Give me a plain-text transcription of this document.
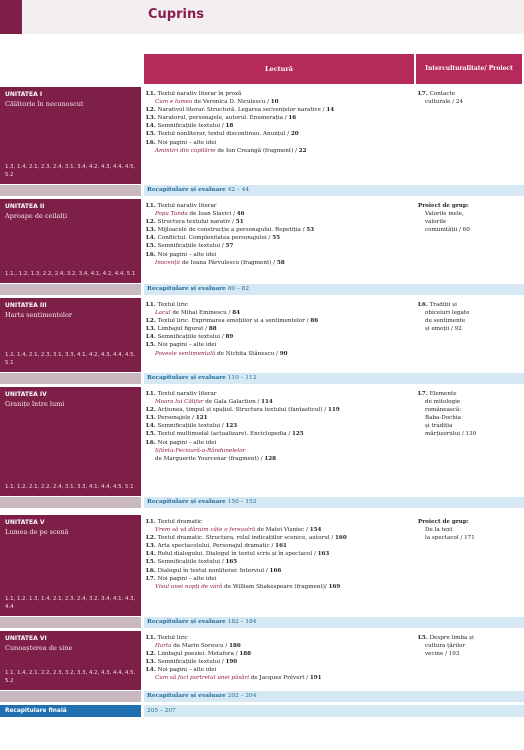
Cuprins
Lectură	Interculturalitate/ Proiect
UNITATEA I
Călătorie în necunoscut
1.3, 1.4, 2.1, 2.3, 2.4, 3.1, 3.4, 4.2, 4.3, 4.4, 4.5, 5.2
L1. Textul narativ literar în proză
Cum e lumea de Veronica D. Niculescu / 10
L2. Narativul literar. Structură. Legarea secvențelor narative / 14
L3. Naratorul, personajele, autorul. Enumerația / 16
L4. Semnificațiile textului / 18
L5. Textul nonliterar, textul discontinuu. Anunțul / 20
L6. Noi pagini – alte idei
Amintiri din copilărie de Ion Creangă (fragment) / 22
L7. Contacte
culturale / 24
Recapitulare și evaluare 42 – 44
UNITATEA II
Aproape de ceilalți
1.1., 1.2, 1.3, 2.2, 2.4, 3.2, 3.4, 4.1, 4.2, 4.4, 5.1
L1. Textul narativ literar
Popa Tanda de Ioan Slavici / 46
L2. Structura textului narativ / 51
L3. Mijloacele de construcție a personajului. Repetiția / 53
L4. Conflictul. Complexitatea personajului / 55
L5. Semnificațiile textului / 57
L6. Noi pagini – alte idei
Inocenții de Ioana Pârvulescu (fragment) / 58
Proiect de grup:
Valorile mele,
valorile
comunității / 60
Recapitulare și evaluare 80 – 82
UNITATEA III
Harta sentimentelor
1.2, 1.4, 2.1, 2.3, 3.1, 3.3, 4.1, 4.2, 4.3, 4.4, 4.5, 5.1
L1. Textul liric
Lacul de Mihai Eminescu / 84
L2. Textul liric. Exprimarea emoțiilor și a sentimentelor / 86
L3. Limbajul figurat / 88
L4. Semnificațiile textului / 89
L5. Noi pagini – alte idei
Poveste sentimentală de Nichita Stănescu / 90
L6. Tradiții și
obiceiuri legate
de sentimente
și emoții / 92
Recapitulare și evaluare 110 – 112
UNITATEA IV
Granițe între lumi
1.1, 1.2, 2.1, 2.2, 2.4, 3.1, 3.3, 4.1, 4.4, 4.5, 5.1
L1. Textul narativ literar
Moara lui Călifar de Gala Galaction / 114
L2. Acțiunea, timpul și spațiul. Structura textului (fantasticul) / 119
L3. Personajele / 121
L4. Semnificațiile textului / 123
L5. Textul multimodal (actualizare). Enciclopedia / 125
L6. Noi pagini – alte idei
Sfânta-Fecioară-a-Rândunelelor
de Marguerite Yourcenar (fragment) / 128
L7. Elemente
de mitologie
românească:
Baba-Dochia
și tradiția
mărțișorului / 130
Recapitulare și evaluare 150 – 152
UNITATEA V
Lumea de pe scenă
1.1, 1.2, 1.3, 1.4, 2.1, 2.3, 2.4, 3.2, 3.4, 4.1, 4.3, 4.4
L1. Textul dramatic
Vrem să vă dăruim câte o fereastră de Matei Vișniec / 154
L2. Textul dramatic. Structura, rolul indicațiilor scenice, autorul / 160
L3. Arta spectacolului. Personajul dramatic / 161
L4. Rolul dialogului. Dialogul în textul scris și în spectacol / 163
L5. Semnificațiile textului / 165
L6. Dialogul în textul nonliterar. Interviul / 166
L7. Noi pagini – alte idei
Visul unei nopți de vară de William Shakespeare (fragment)/ 169
Proiect de grup:
De la text
la spectacol / 171
Recapitulare și evaluare 182 – 184
UNITATEA VI
Cunoașterea de sine
1.1, 1.4, 2.1, 2.2, 2.3, 3.2, 3.3, 4.2, 4.3, 4.4, 4.5, 5.2
L1. Textul liric
Harta de Marin Sorescu / 186
L2. Limbajul poeziei. Metafora / 188
L3. Semnificațiile textului / 190
L4. Noi pagini – alte idei
Cum să faci portretul unei păsări de Jacques Prévert / 191
L5. Despre limba și
cultura țărilor
vecine / 193
Recapitulare și evaluare 202 – 204
Recapitulare finală	205 – 207
